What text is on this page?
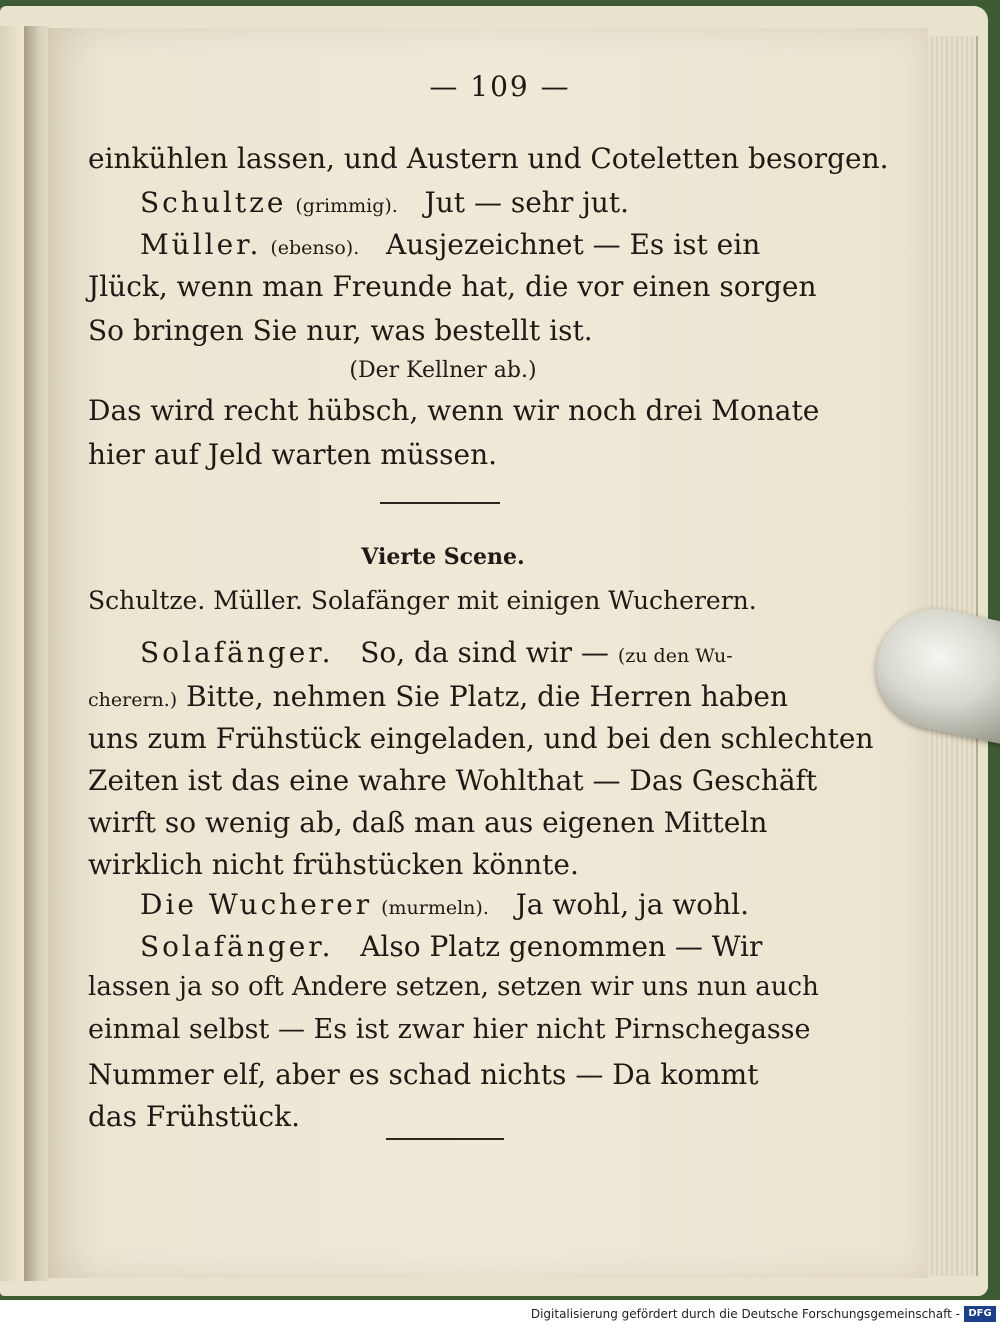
— 109 —
einkühlen lassen, und Austern und Coteletten besorgen.
Schultze (grimmig). Jut — sehr jut.
Müller. (ebenso). Ausjezeichnet — Es ist ein
Jlück, wenn man Freunde hat, die vor einen sorgen
So bringen Sie nur, was bestellt ist.
(Der Kellner ab.)
Das wird recht hübsch, wenn wir noch drei Monate
hier auf Jeld warten müssen.
Vierte Scene.
Schultze. Müller. Solafänger mit einigen Wucherern.
Solafänger. So, da sind wir — (zu den Wu-
cherern.) Bitte, nehmen Sie Platz, die Herren haben
uns zum Frühstück eingeladen, und bei den schlechten
Zeiten ist das eine wahre Wohlthat — Das Geschäft
wirft so wenig ab, daß man aus eigenen Mitteln
wirklich nicht frühstücken könnte.
Die Wucherer (murmeln). Ja wohl, ja wohl.
Solafänger. Also Platz genommen — Wir
lassen ja so oft Andere setzen, setzen wir uns nun auch
einmal selbst — Es ist zwar hier nicht Pirnschegasse
Nummer elf, aber es schad nichts — Da kommt
das Frühstück.
Digitalisierung gefördert durch die Deutsche Forschungsgemeinschaft - DFG
